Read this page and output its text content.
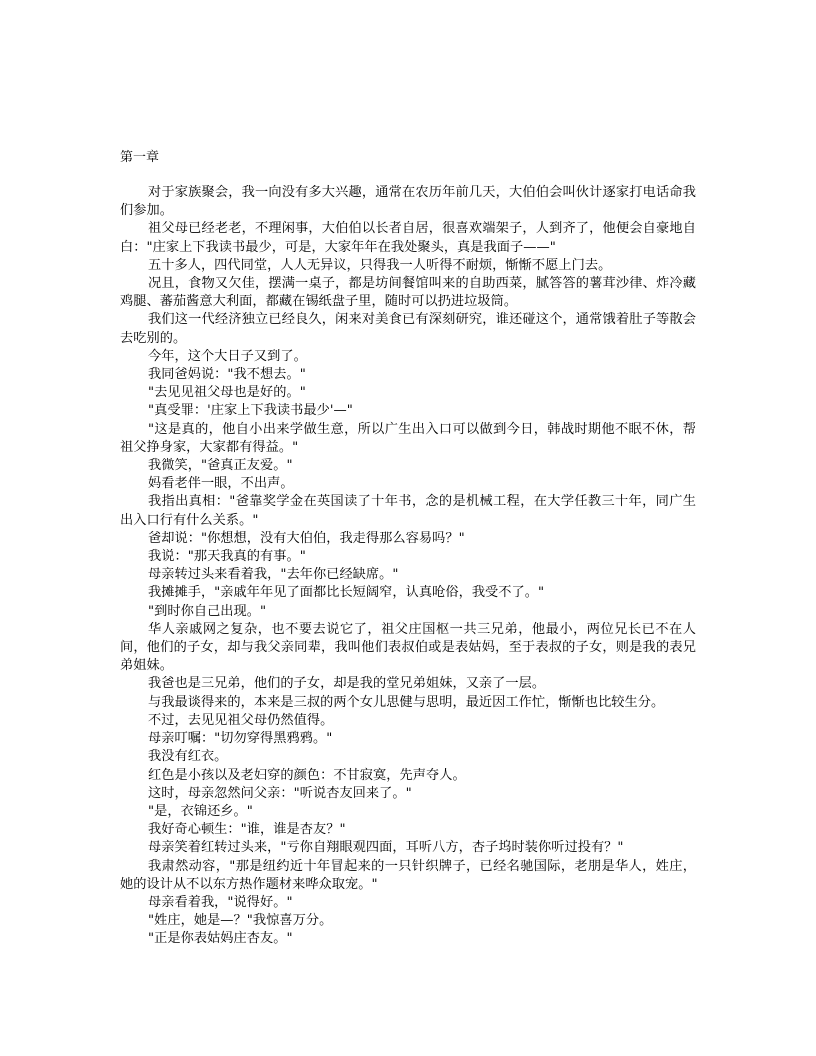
第一章

对于家族聚会，我一向没有多大兴趣，通常在农历年前几天，大伯伯会叫伙计逐家打电话命我们参加。

祖父母已经老老，不理闲事，大伯伯以长者自居，很喜欢端架子，人到齐了，他便会自豪地自白："庄家上下我读书最少，可是，大家年年在我处聚头，真是我面子——"

五十多人，四代同堂，人人无异议，只得我一人听得不耐烦，惭惭不愿上门去。

况且，食物又欠佳，摆满一桌子，都是坊间餐馆叫来的自助西菜，腻答答的薯茸沙律、炸冷藏鸡腿、蕃茄酱意大利面，都藏在锡纸盘子里，随时可以扔进垃圾筒。

我们这一代经济独立已经良久，闲来对美食已有深刻研究，谁还碰这个，通常饿着肚子等散会去吃别的。

今年，这个大日子又到了。

我同爸妈说："我不想去。"

"去见见祖父母也是好的。"

"真受罪：'庄家上下我读书最少'—"

"这是真的，他自小出来学做生意，所以广生出入口可以做到今日，韩战时期他不眠不休，帮祖父挣身家，大家都有得益。"

我微笑，"爸真正友爱。"

妈看老伴一眼，不出声。

我指出真相："爸靠奖学金在英国读了十年书，念的是机械工程，在大学任教三十年，同广生出入口行有什么关系。"

爸却说："你想想，没有大伯伯，我走得那么容易吗？"

我说："那天我真的有事。"

母亲转过头来看着我，"去年你已经缺席。"

我摊摊手，"亲戚年年见了面都比长短阔窄，认真呛俗，我受不了。"

"到时你自己出现。"

华人亲戚网之复杂，也不要去说它了，祖父庄国枢一共三兄弟，他最小，两位兄长已不在人间，他们的子女，却与我父亲同辈，我叫他们表叔伯或是表姑妈，至于表叔的子女，则是我的表兄弟姐妹。

我爸也是三兄弟，他们的子女，却是我的堂兄弟姐妹，又亲了一层。

与我最谈得来的，本来是三叔的两个女儿思健与思明，最近因工作忙，惭惭也比较生分。

不过，去见见祖父母仍然值得。

母亲叮嘱："切勿穿得黑鸦鸦。"

我没有红衣。

红色是小孩以及老妇穿的颜色：不甘寂寞，先声夺人。

这时，母亲忽然问父亲："听说杏友回来了。"

"是，衣锦还乡。"

我好奇心顿生："谁，谁是杏友？"

母亲笑着红转过头来，"亏你自翔眼观四面，耳听八方，杏子坞时装你听过投有？"

我肃然动容，"那是纽约近十年冒起来的一只针织牌子，已经名驰国际，老朋是华人，姓庄，她的设计从不以东方热作题材来哗众取宠。"

母亲看着我，"说得好。"

"姓庄，她是—？"我惊喜万分。

"正是你表姑妈庄杏友。"
